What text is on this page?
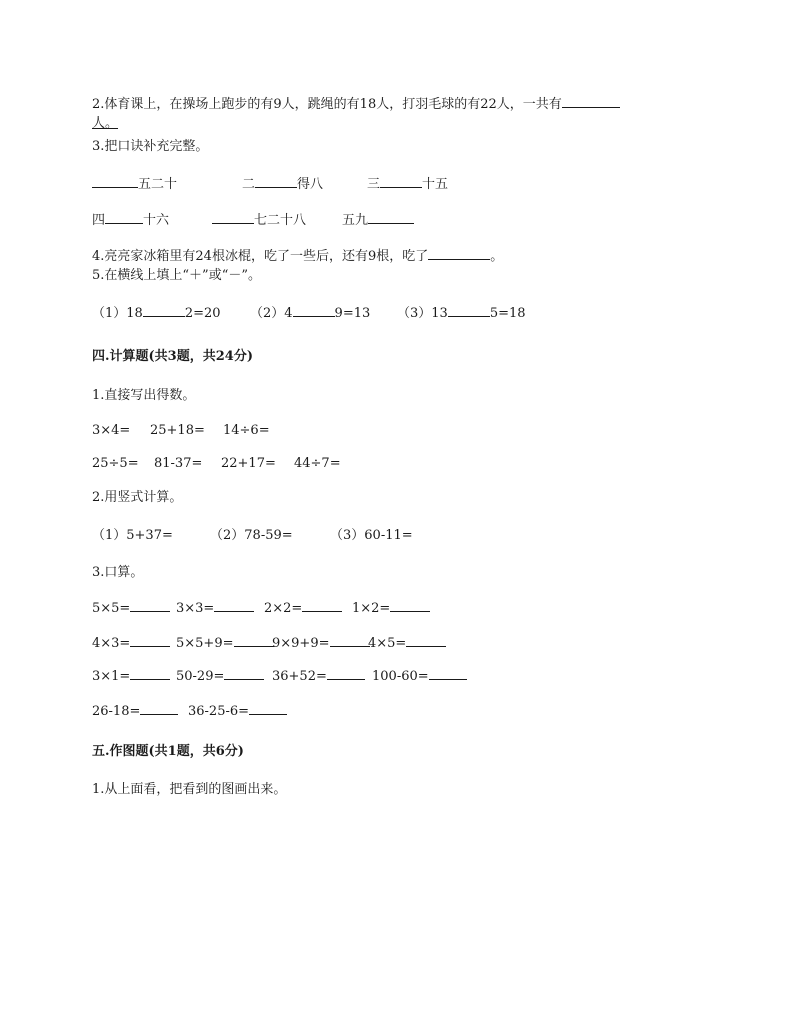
2.体育课上，在操场上跑步的有9人，跳绳的有18人，打羽毛球的有22人，一共有
人。
3.把口诀补充完整。
五二十	二	得八	三	十五
四	十六	七二十八	五九
4.亮亮家冰箱里有24根冰棍，吃了一些后，还有9根，吃了	。
5.在横线上填上“＋”或“－”。
（1）18	2=20 （2）4	9=13 （3）13	5=18
四.计算题(共3题，共24分)
1.直接写出得数。
3×4= 25+18= 14÷6=
25÷5= 81-37= 22+17= 44÷7=
2.用竖式计算。
（1）5+37=	（2）78-59=	（3）60-11=
3.口算。
5×5=	3×3=	2×2=	1×2=
4×3=	5×5+9=	9×9+9=	4×5=
3×1=	50-29=	36+52=	100-60=
26-18=	36-25-6=
五.作图题(共1题，共6分)
1.从上面看，把看到的图画出来。
